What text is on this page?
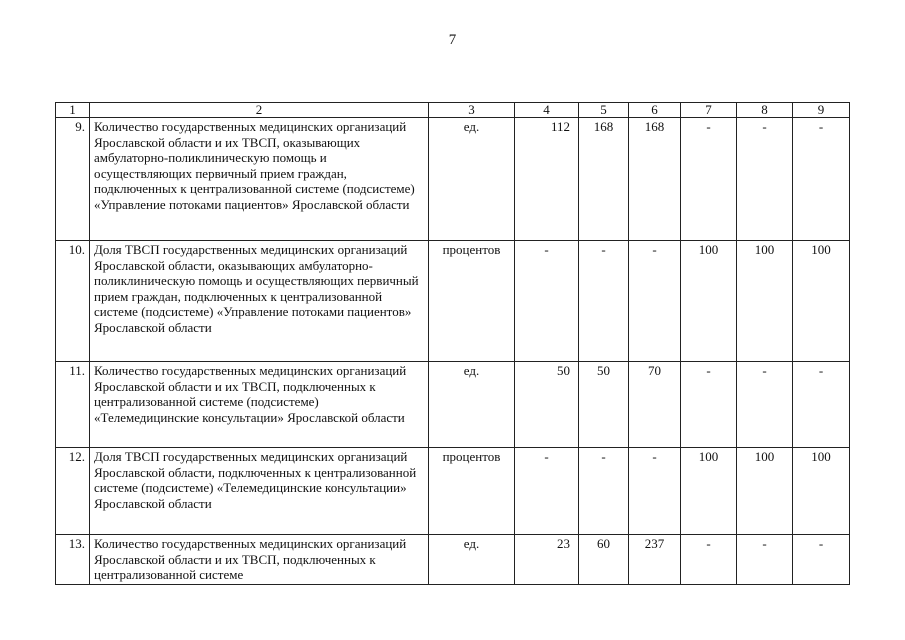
7
1	2	3	4	5	6	7	8	9
9.	Количество государственных медицинских организаций Ярославской области и их ТВСП, оказывающих амбулаторно-поликлиническую помощь и осуществляющих первичный прием граждан, подключенных к централизованной системе (подсистеме) «Управление потоками пациентов» Ярославской области	ед.	112	168	168	-	-	-
10.	Доля ТВСП государственных медицинских организаций Ярославской области, оказывающих амбулаторно-поликлиническую помощь и осуществляющих первичный прием граждан, подключенных к централизованной системе (подсистеме) «Управление потоками пациентов» Ярославской области	процентов	-	-	-	100	100	100
11.	Количество государственных медицинских организаций Ярославской области и их ТВСП, подключенных к централизованной системе (подсистеме) «Телемедицинские консультации» Ярославской области	ед.	50	50	70	-	-	-
12.	Доля ТВСП государственных медицинских организаций Ярославской области, подключенных к централизованной системе (подсистеме) «Телемедицинские консультации» Ярославской области	процентов	-	-	-	100	100	100
13.	Количество государственных медицинских организаций Ярославской области и их ТВСП, подключенных к централизованной системе	ед.	23	60	237	-	-	-
